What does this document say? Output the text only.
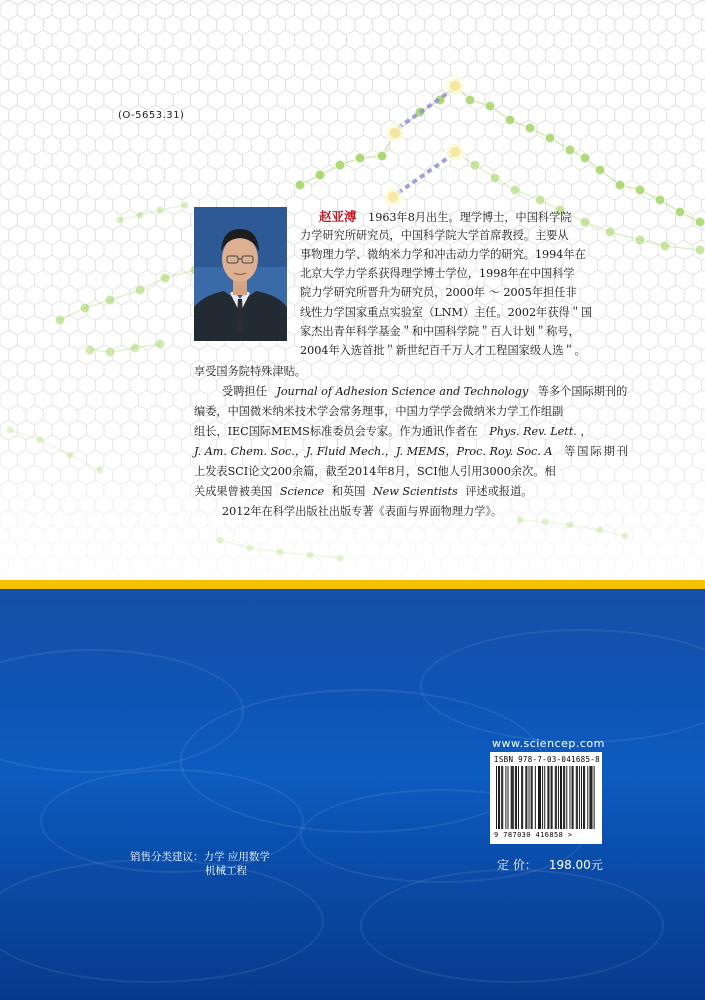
(O-5653.31)
赵亚溥 1963年8月出生。理学博士，中国科学院
力学研究所研究员，中国科学院大学首席教授。主要从
事物理力学、微纳米力学和冲击动力学的研究。1994年在
北京大学力学系获得理学博士学位，1998年在中国科学
院力学研究所晋升为研究员，2000年 ～ 2005年担任非
线性力学国家重点实验室（LNM）主任。2002年获得＂国
家杰出青年科学基金＂和中国科学院＂百人计划＂称号，
2004年入选首批＂新世纪百千万人才工程国家级人选＂。
享受国务院特殊津贴。
受聘担任 Journal of Adhesion Science and Technology 等多个国际期刊的
编委，中国微米纳米技术学会常务理事，中国力学学会微纳米力学工作组副
组长，IEC国际MEMS标准委员会专家。作为通讯作者在 Phys. Rev. Lett. ，
J. Am. Chem. Soc.，J. Fluid Mech.，J. MEMS，Proc. Roy. Soc. A 等国际期刊
上发表SCI论文200余篇，截至2014年8月，SCI他人引用3000余次。相
关成果曾被美国 Science 和英国 New Scientists 评述或报道。
2012年在科学出版社出版专著《表面与界面物理力学》。
www.sciencep.com
ISBN 978-7-03-041685-8
9 787030 416858 >
定 价： 198.00元
销售分类建议：力学 应用数学
机械工程
